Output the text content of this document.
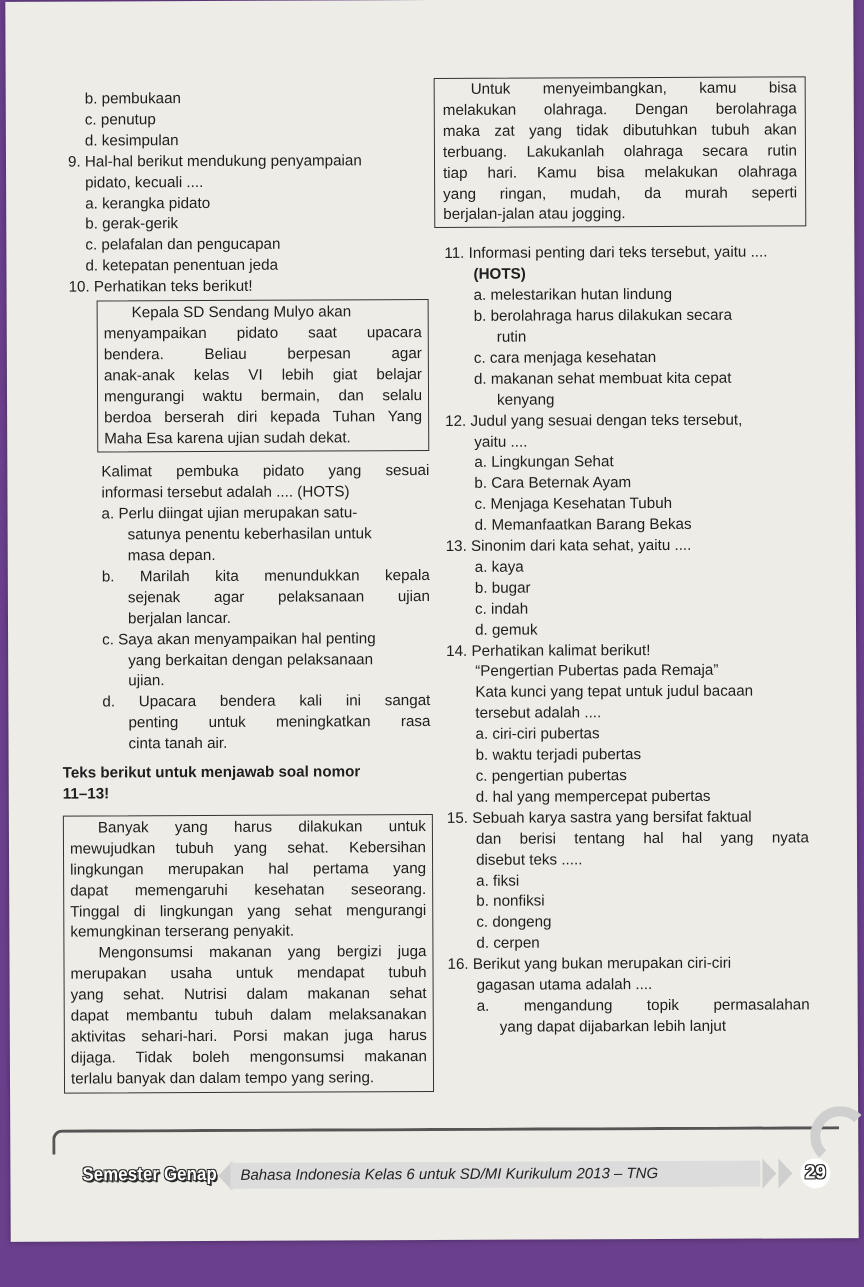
b. pembukaan
c. penutup
d. kesimpulan
9. Hal-hal berikut mendukung penyampaian
pidato, kecuali ....
a. kerangka pidato
b. gerak-gerik
c. pelafalan dan pengucapan
d. ketepatan penentuan jeda
10. Perhatikan teks berikut!
Kepala SD Sendang Mulyo akan
menyampaikan pidato saat upacara
bendera. Beliau berpesan agar
anak-anak kelas VI lebih giat belajar
mengurangi waktu bermain, dan selalu
berdoa berserah diri kepada Tuhan Yang
Maha Esa karena ujian sudah dekat.
Kalimat pembuka pidato yang sesuai
informasi tersebut adalah .... (HOTS)
a. Perlu diingat ujian merupakan satu-
satunya penentu keberhasilan untuk
masa depan.
b. Marilah kita menundukkan kepala
sejenak agar pelaksanaan ujian
berjalan lancar.
c. Saya akan menyampaikan hal penting
yang berkaitan dengan pelaksanaan
ujian.
d. Upacara bendera kali ini sangat
penting untuk meningkatkan rasa
cinta tanah air.
Teks berikut untuk menjawab soal nomor
11–13!
Banyak yang harus dilakukan untuk
mewujudkan tubuh yang sehat. Kebersihan
lingkungan merupakan hal pertama yang
dapat memengaruhi kesehatan seseorang.
Tinggal di lingkungan yang sehat mengurangi
kemungkinan terserang penyakit.
Mengonsumsi makanan yang bergizi juga
merupakan usaha untuk mendapat tubuh
yang sehat. Nutrisi dalam makanan sehat
dapat membantu tubuh dalam melaksanakan
aktivitas sehari-hari. Porsi makan juga harus
dijaga. Tidak boleh mengonsumsi makanan
terlalu banyak dan dalam tempo yang sering.
Untuk menyeimbangkan, kamu bisa
melakukan olahraga. Dengan berolahraga
maka zat yang tidak dibutuhkan tubuh akan
terbuang. Lakukanlah olahraga secara rutin
tiap hari. Kamu bisa melakukan olahraga
yang ringan, mudah, da murah seperti
berjalan-jalan atau jogging.
11. Informasi penting dari teks tersebut, yaitu ....
(HOTS)
a. melestarikan hutan lindung
b. berolahraga harus dilakukan secara
rutin
c. cara menjaga kesehatan
d. makanan sehat membuat kita cepat
kenyang
12. Judul yang sesuai dengan teks tersebut,
yaitu ....
a. Lingkungan Sehat
b. Cara Beternak Ayam
c. Menjaga Kesehatan Tubuh
d. Memanfaatkan Barang Bekas
13. Sinonim dari kata sehat, yaitu ....
a. kaya
b. bugar
c. indah
d. gemuk
14. Perhatikan kalimat berikut!
“Pengertian Pubertas pada Remaja”
Kata kunci yang tepat untuk judul bacaan
tersebut adalah ....
a. ciri-ciri pubertas
b. waktu terjadi pubertas
c. pengertian pubertas
d. hal yang mempercepat pubertas
15. Sebuah karya sastra yang bersifat faktual
dan berisi tentang hal hal yang nyata
disebut teks .....
a. fiksi
b. nonfiksi
c. dongeng
d. cerpen
16. Berikut yang bukan merupakan ciri-ciri
gagasan utama adalah ....
a. mengandung topik permasalahan
yang dapat dijabarkan lebih lanjut
Semester Genap Bahasa Indonesia Kelas 6 untuk SD/MI Kurikulum 2013 – TNG	29
